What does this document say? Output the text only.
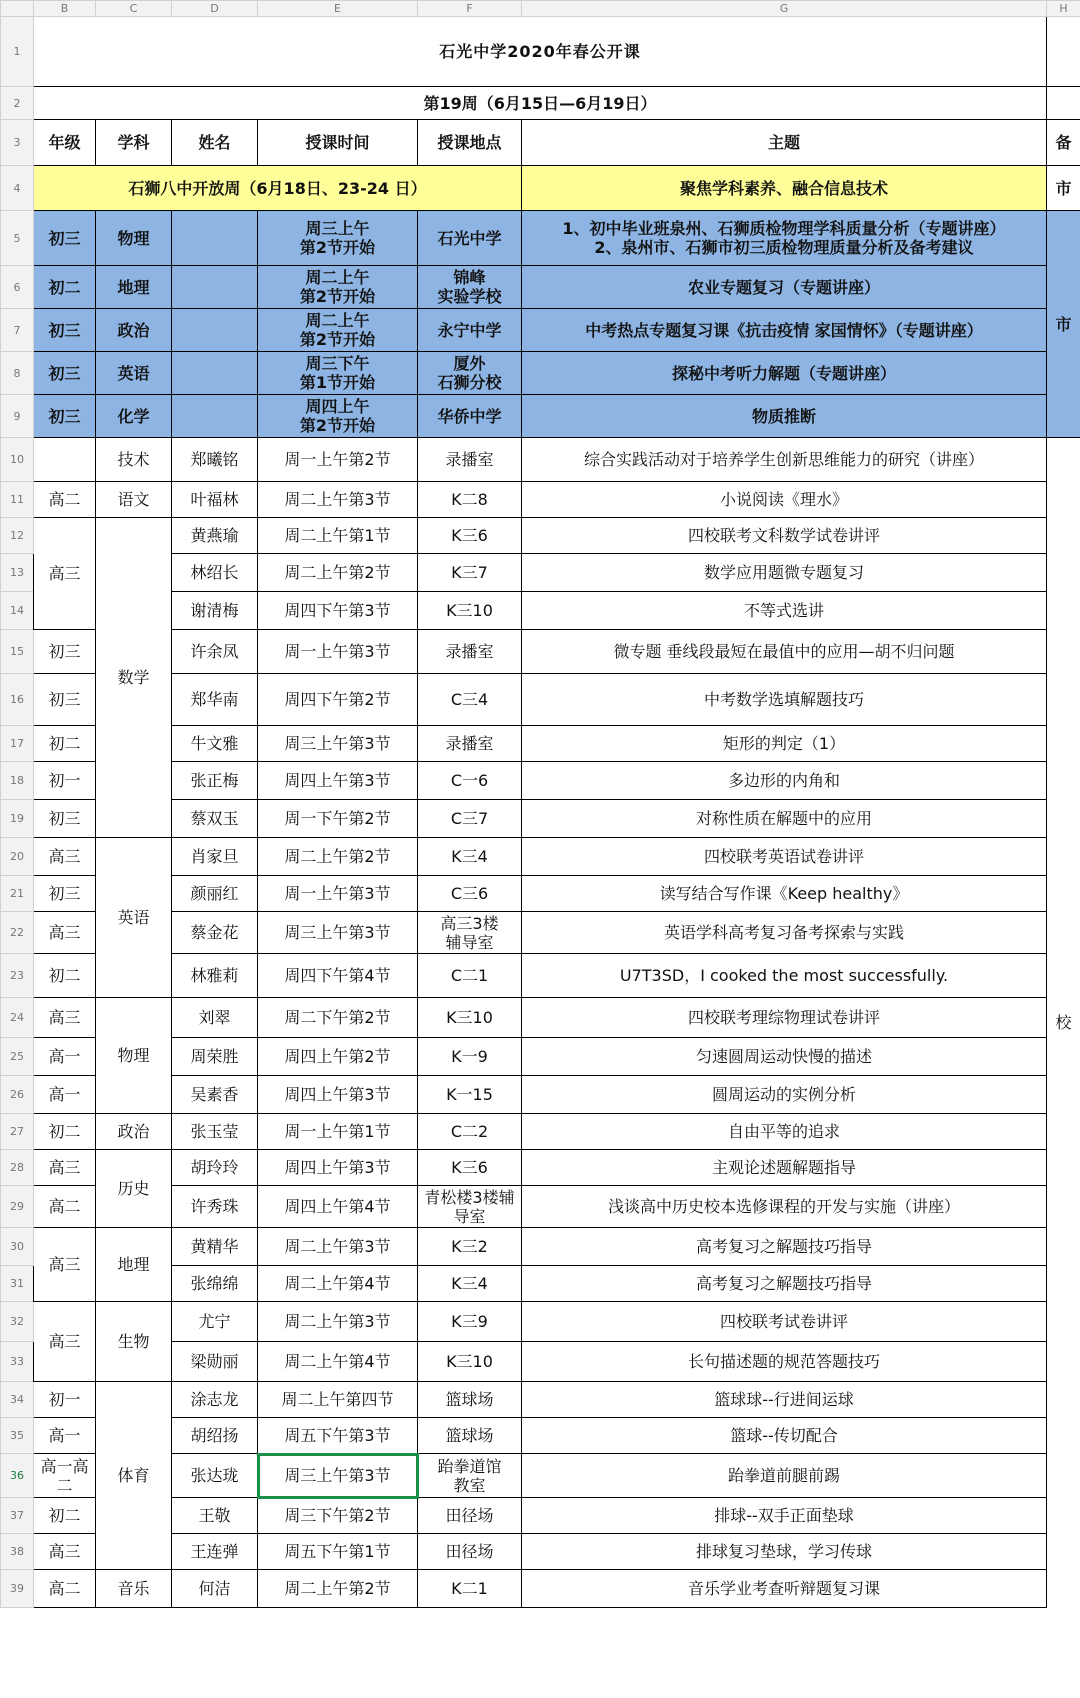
	B	C	D	E	F	G	H
1	石光中学2020年春公开课						
2	第19周（6月15日—6月19日）						
3	年级	学科	姓名	授课时间	授课地点	主题	备
4	石狮八中开放周（6月18日、23-24 日）					聚焦学科素养、融合信息技术	市
5	初三	物理		周三上午
第2节开始	石光中学	1、初中毕业班泉州、石狮质检物理学科质量分析（专题讲座）
2、泉州市、石狮市初三质检物理质量分析及备考建议	市
6	初二	地理		周二上午
第2节开始	锦峰
实验学校	农业专题复习（专题讲座）	
7	初三	政治		周二上午
第2节开始	永宁中学	中考热点专题复习课《抗击疫情 家国情怀》（专题讲座）	
8	初三	英语		周三下午
第1节开始	厦外
石狮分校	探秘中考听力解题（专题讲座）	
9	初三	化学		周四上午
第2节开始	华侨中学	物质推断	
10		技术	郑曦铭	周一上午第2节	录播室	综合实践活动对于培养学生创新思维能力的研究（讲座）	校
11	高二	语文	叶福林	周二上午第3节	K二8	小说阅读《理水》	
12	高三	数学	黄燕瑜	周二上午第1节	K三6	四校联考文科数学试卷讲评	
13			林绍长	周二上午第2节	K三7	数学应用题微专题复习	
14			谢清梅	周四下午第3节	K三10	不等式选讲	
15	初三		许余凤	周一上午第3节	录播室	微专题 垂线段最短在最值中的应用—胡不归问题	
16	初三		郑华南	周四下午第2节	C三4	中考数学选填解题技巧	
17	初二		牛文雅	周三上午第3节	录播室	矩形的判定（1）	
18	初一		张正梅	周四上午第3节	C一6	多边形的内角和	
19	初三		蔡双玉	周一下午第2节	C三7	对称性质在解题中的应用	
20	高三	英语	肖家旦	周二上午第2节	K三4	四校联考英语试卷讲评	
21	初三		颜丽红	周一上午第3节	C三6	读写结合写作课《Keep healthy》	
22	高三		蔡金花	周三上午第3节	高三3楼
辅导室	英语学科高考复习备考探索与实践	
23	初二		林雅莉	周四下午第4节	C二1	U7T3SD，I cooked the most successfully.	
24	高三	物理	刘翠	周二下午第2节	K三10	四校联考理综物理试卷讲评	
25	高一		周荣胜	周四上午第2节	K一9	匀速圆周运动快慢的描述	
26	高一		吴素香	周四上午第3节	K一15	圆周运动的实例分析	
27	初二	政治	张玉莹	周一上午第1节	C二2	自由平等的追求	
28	高三	历史	胡玲玲	周四上午第3节	K三6	主观论述题解题指导	
29	高二		许秀珠	周四上午第4节	青松楼3楼辅
导室	浅谈高中历史校本选修课程的开发与实施（讲座）	
30	高三	地理	黄精华	周二上午第3节	K三2	高考复习之解题技巧指导	
31			张绵绵	周二上午第4节	K三4	高考复习之解题技巧指导	
32	高三	生物	尤宁	周二上午第3节	K三9	四校联考试卷讲评	
33			梁勋丽	周二上午第4节	K三10	长句描述题的规范答题技巧	
34	初一	体育	涂志龙	周二上午第四节	篮球场	篮球球--行进间运球	
35	高一		胡绍扬	周五下午第3节	篮球场	篮球--传切配合	
36	高一高
二		张达珑	周三上午第3节	跆拳道馆
教室	跆拳道前腿前踢	
37	初二		王敬	周三下午第2节	田径场	排球--双手正面垫球	
38	高三		王连弹	周五下午第1节	田径场	排球复习垫球，学习传球	
39	高二	音乐	何洁	周二上午第2节	K二1	音乐学业考查听辩题复习课	
